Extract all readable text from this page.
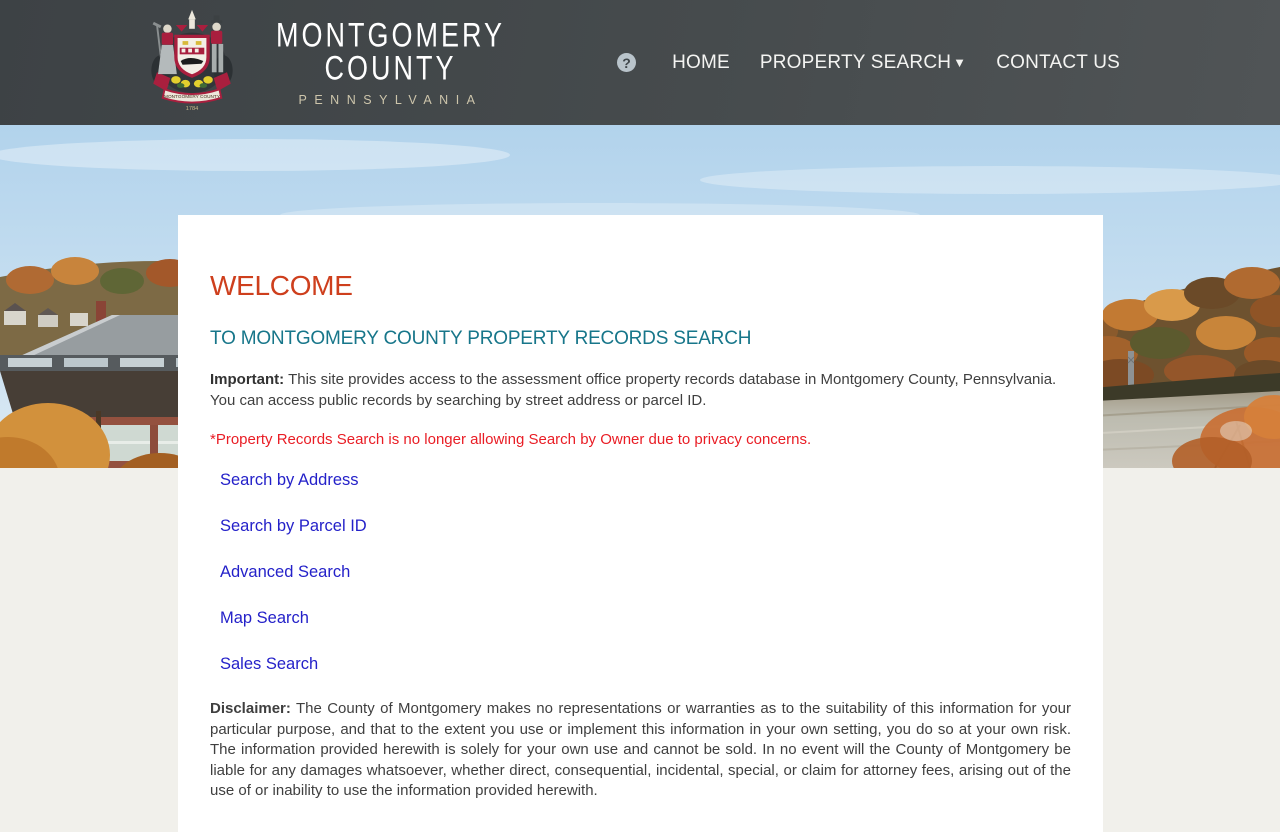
MONTGOMERY COUNTY
1784
MONTGOMERY
COUNTY
PENNSYLVANIA
? HOME PROPERTY SEARCH ▼ CONTACT US
WELCOME
TO MONTGOMERY COUNTY PROPERTY RECORDS SEARCH

Important: This site provides access to the assessment office property records database in Montgomery County, Pennsylvania. You can access public records by searching by street address or parcel ID.

*Property Records Search is no longer allowing Search by Owner due to privacy concerns.

Search by Address
Search by Parcel ID
Advanced Search
Map Search
Sales Search

Disclaimer: The County of Montgomery makes no representations or warranties as to the suitability of this information for your particular purpose, and that to the extent you use or implement this information in your own setting, you do so at your own risk. The information provided herewith is solely for your own use and cannot be sold. In no event will the County of Montgomery be liable for any damages whatsoever, whether direct, consequential, incidental, special, or claim for attorney fees, arising out of the use of or inability to use the information provided herewith.
